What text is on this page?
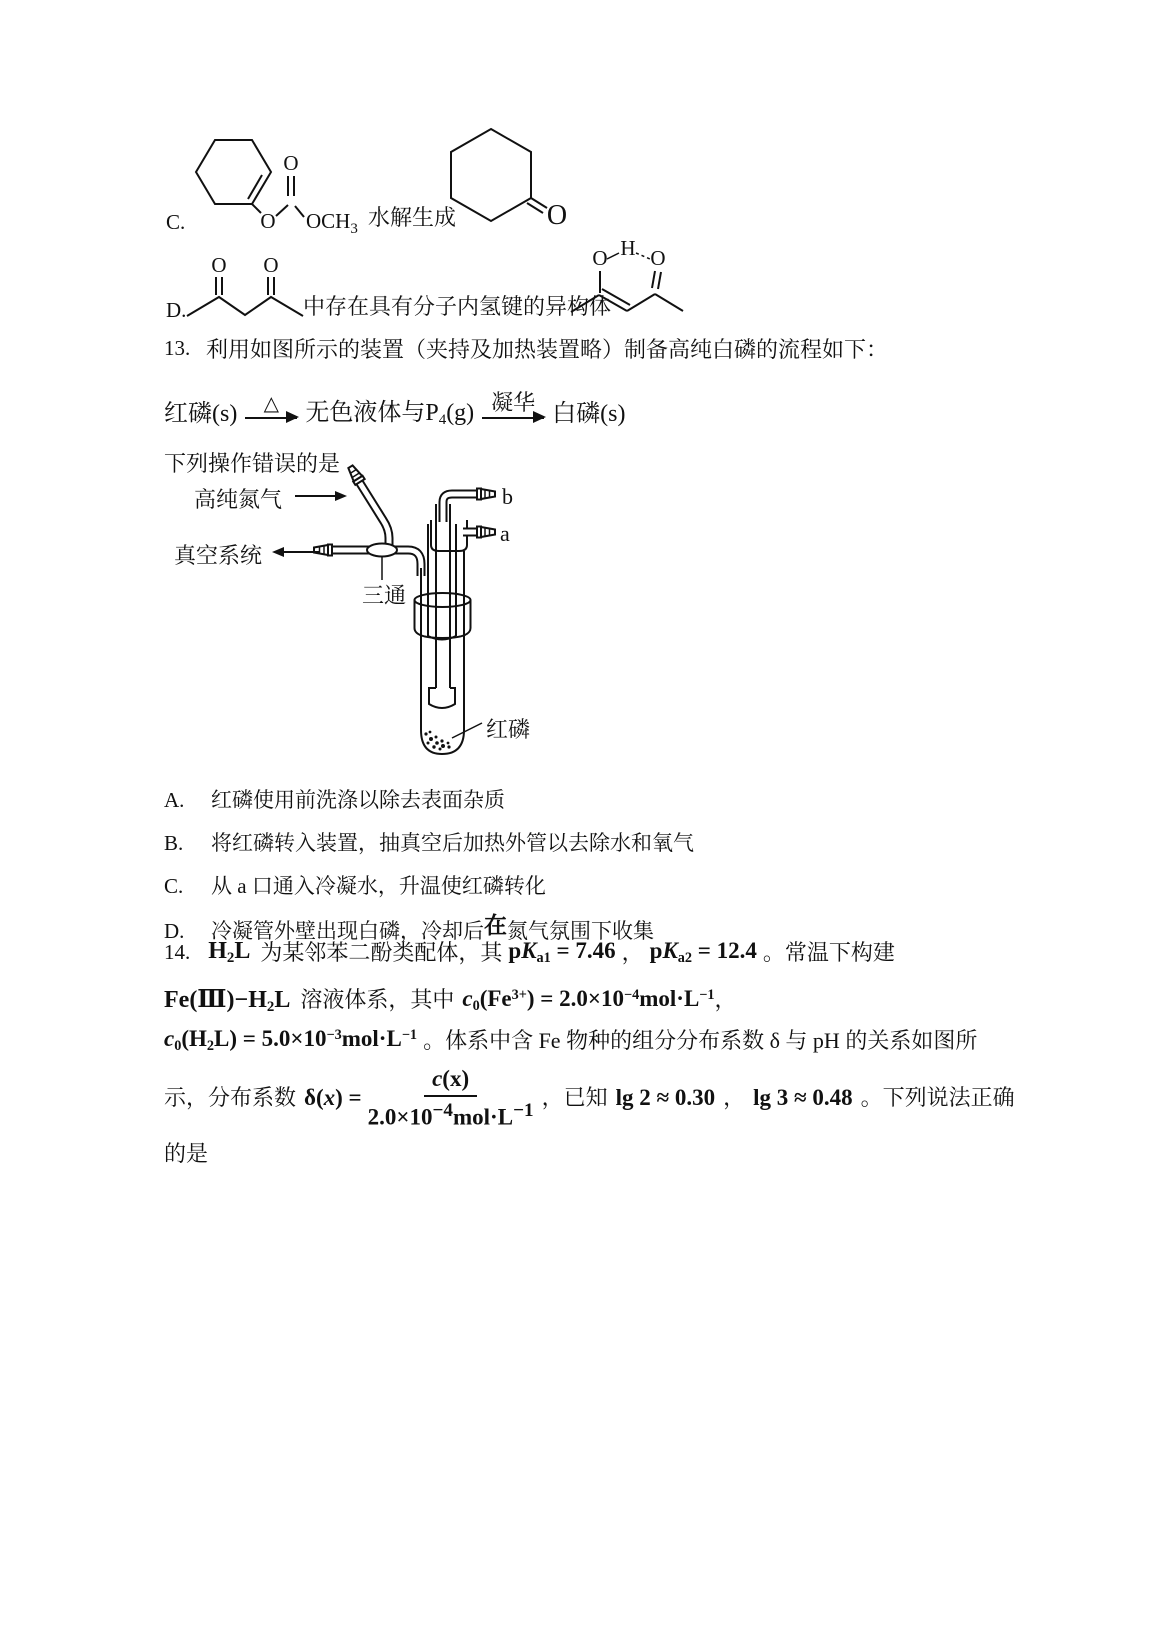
C.	O
O
$OCH_3$ 水解生成	O
D.
O O
中存在具有分子内氢键的异构体
O H O
13. 利用如图所示的装置（夹持及加热装置略）制备高纯白磷的流程如下：
红磷(s) △ 无色液体与P4(g) 凝华 白磷(s)
下列操作错误的是
高纯氮气
真空系统
三通
b
a
红磷
A. 红磷使用前洗涤以除去表面杂质
B.	将红磷转入装置，抽真空后加热外管以去除水和氧气
C.	从 a 口通入冷凝水，升温使红磷转化
D. 冷凝管外壁出现白磷，冷却后在氮气氛围下收集
14. $H_2L$ 为某邻苯二酚类配体，其 $pK_{a1} = 7.46$ ， $pK_{a2} = 12.4$ 。常温下构建
$Fe(Ⅲ)-H_2L$ 溶液体系，其中 $c_0(Fe^{3+}) = 2.0\times 10^{-4}mol\cdot L^{-1}$ ，
$c_0(H_2L) = 5.0\times 10^{-3}mol\cdot L^{-1}$ 。体系中含 Fe 物种的组分分布系数 δ 与 pH 的关系如图所
示，分布系数 $\delta(x) = \frac{c(x)}{2.0\times 10^{-4}mol\cdot L^{-1}}$ ， 已知 lg 2 ≈ 0.30 ， lg 3 ≈ 0.48 。下列说法正确
的是
